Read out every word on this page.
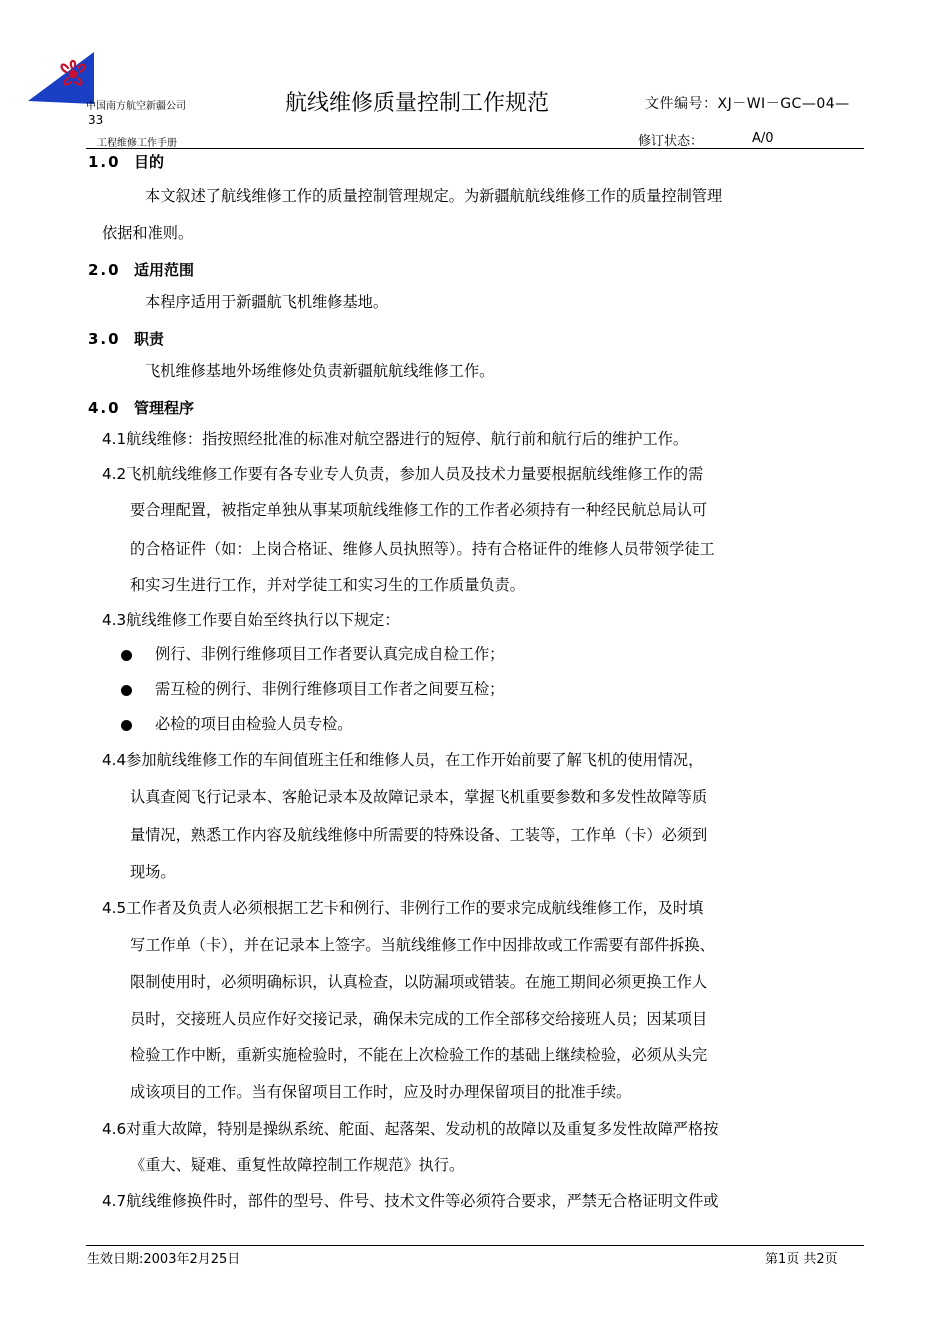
中国南方航空新疆公司	航线维修质量控制工作规范	文件编号：XJ－WI－GC—04—
33
工程维修工作手册	修订状态：	A/0
1.0 目的
本文叙述了航线维修工作的质量控制管理规定。为新疆航航线维修工作的质量控制管理
依据和准则。
2.0 适用范围
本程序适用于新疆航飞机维修基地。
3.0 职责
飞机维修基地外场维修处负责新疆航航线维修工作。
4.0 管理程序
4.1航线维修：指按照经批准的标准对航空器进行的短停、航行前和航行后的维护工作。
4.2飞机航线维修工作要有各专业专人负责，参加人员及技术力量要根据航线维修工作的需
要合理配置，被指定单独从事某项航线维修工作的工作者必须持有一种经民航总局认可
的合格证件（如：上岗合格证、维修人员执照等）。持有合格证件的维修人员带领学徒工
和实习生进行工作，并对学徒工和实习生的工作质量负责。
4.3航线维修工作要自始至终执行以下规定：
例行、非例行维修项目工作者要认真完成自检工作；
需互检的例行、非例行维修项目工作者之间要互检；
必检的项目由检验人员专检。
4.4参加航线维修工作的车间值班主任和维修人员，在工作开始前要了解飞机的使用情况，
认真查阅飞行记录本、客舱记录本及故障记录本，掌握飞机重要参数和多发性故障等质
量情况，熟悉工作内容及航线维修中所需要的特殊设备、工装等，工作单（卡）必须到
现场。
4.5工作者及负责人必须根据工艺卡和例行、非例行工作的要求完成航线维修工作，及时填
写工作单（卡），并在记录本上签字。当航线维修工作中因排故或工作需要有部件拆换、
限制使用时，必须明确标识，认真检查，以防漏项或错装。在施工期间必须更换工作人
员时，交接班人员应作好交接记录，确保未完成的工作全部移交给接班人员；因某项目
检验工作中断，重新实施检验时，不能在上次检验工作的基础上继续检验，必须从头完
成该项目的工作。当有保留项目工作时，应及时办理保留项目的批准手续。
4.6对重大故障，特别是操纵系统、舵面、起落架、发动机的故障以及重复多发性故障严格按
《重大、疑难、重复性故障控制工作规范》执行。
4.7航线维修换件时，部件的型号、件号、技术文件等必须符合要求，严禁无合格证明文件或
生效日期:2003年2月25日	第1页 共2页
